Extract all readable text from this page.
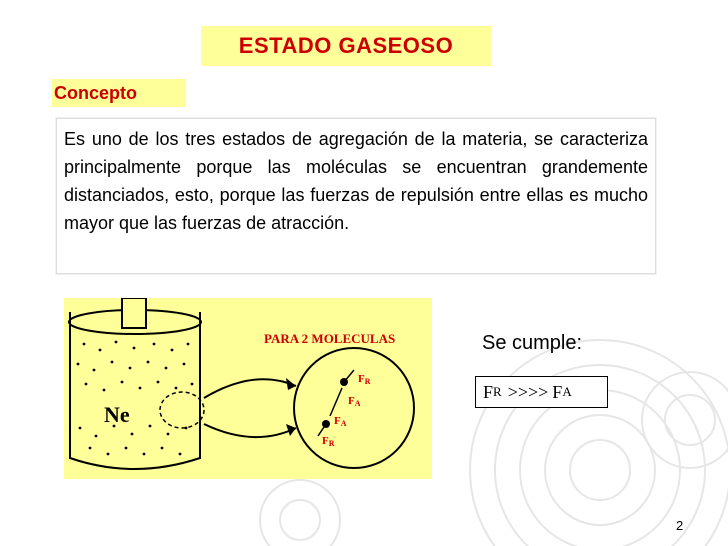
ESTADO GASEOSO
Concepto
Es uno de los tres estados de agregación de la materia, se caracteriza principalmente porque las moléculas se encuentran grandemente distanciados, esto, porque las fuerzas de repulsión entre ellas es mucho mayor que las fuerzas de atracción.
PARA 2 MOLECULAS
Ne
FR
FA
FA
FR
Se cumple:
F R >>>> F A
2
